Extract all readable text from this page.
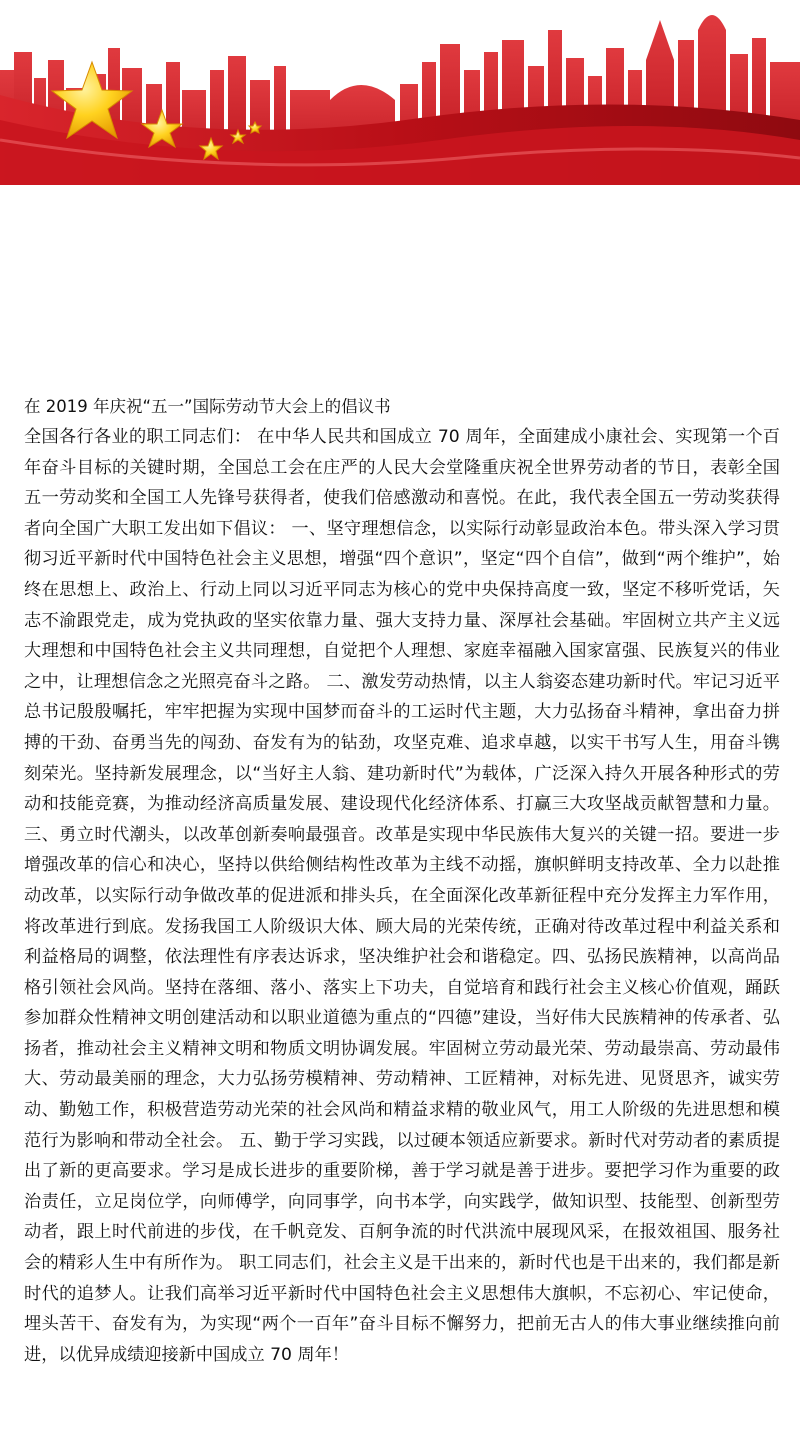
在 2019 年庆祝“五一”国际劳动节大会上的倡议书

全国各行各业的职工同志们： 在中华人民共和国成立 70 周年，全面建成小康社会、实现第一个百年奋斗目标的关键时期，全国总工会在庄严的人民大会堂隆重庆祝全世界劳动者的节日，表彰全国五一劳动奖和全国工人先锋号获得者，使我们倍感激动和喜悦。在此，我代表全国五一劳动奖获得者向全国广大职工发出如下倡议： 一、坚守理想信念，以实际行动彰显政治本色。带头深入学习贯彻习近平新时代中国特色社会主义思想，增强“四个意识”，坚定“四个自信”，做到“两个维护”，始终在思想上、政治上、行动上同以习近平同志为核心的党中央保持高度一致，坚定不移听党话，矢志不渝跟党走，成为党执政的坚实依靠力量、强大支持力量、深厚社会基础。牢固树立共产主义远大理想和中国特色社会主义共同理想，自觉把个人理想、家庭幸福融入国家富强、民族复兴的伟业之中，让理想信念之光照亮奋斗之路。 二、激发劳动热情，以主人翁姿态建功新时代。牢记习近平总书记殷殷嘱托，牢牢把握为实现中国梦而奋斗的工运时代主题，大力弘扬奋斗精神，拿出奋力拼搏的干劲、奋勇当先的闯劲、奋发有为的钻劲，攻坚克难、追求卓越，以实干书写人生，用奋斗镌刻荣光。坚持新发展理念，以“当好主人翁、建功新时代”为载体，广泛深入持久开展各种形式的劳动和技能竞赛，为推动经济高质量发展、建设现代化经济体系、打赢三大攻坚战贡献智慧和力量。三、勇立时代潮头，以改革创新奏响最强音。改革是实现中华民族伟大复兴的关键一招。要进一步增强改革的信心和决心，坚持以供给侧结构性改革为主线不动摇，旗帜鲜明支持改革、全力以赴推动改革，以实际行动争做改革的促进派和排头兵，在全面深化改革新征程中充分发挥主力军作用，将改革进行到底。发扬我国工人阶级识大体、顾大局的光荣传统，正确对待改革过程中利益关系和利益格局的调整，依法理性有序表达诉求，坚决维护社会和谐稳定。四、弘扬民族精神，以高尚品格引领社会风尚。坚持在落细、落小、落实上下功夫，自觉培育和践行社会主义核心价值观，踊跃参加群众性精神文明创建活动和以职业道德为重点的“四德”建设，当好伟大民族精神的传承者、弘扬者，推动社会主义精神文明和物质文明协调发展。牢固树立劳动最光荣、劳动最崇高、劳动最伟大、劳动最美丽的理念，大力弘扬劳模精神、劳动精神、工匠精神，对标先进、见贤思齐，诚实劳动、勤勉工作，积极营造劳动光荣的社会风尚和精益求精的敬业风气，用工人阶级的先进思想和模范行为影响和带动全社会。 五、勤于学习实践，以过硬本领适应新要求。新时代对劳动者的素质提出了新的更高要求。学习是成长进步的重要阶梯，善于学习就是善于进步。要把学习作为重要的政治责任，立足岗位学，向师傅学，向同事学，向书本学，向实践学，做知识型、技能型、创新型劳动者，跟上时代前进的步伐，在千帆竞发、百舸争流的时代洪流中展现风采，在报效祖国、服务社会的精彩人生中有所作为。 职工同志们，社会主义是干出来的，新时代也是干出来的，我们都是新时代的追梦人。让我们高举习近平新时代中国特色社会主义思想伟大旗帜，不忘初心、牢记使命，埋头苦干、奋发有为，为实现“两个一百年”奋斗目标不懈努力，把前无古人的伟大事业继续推向前进，以优异成绩迎接新中国成立 70 周年！
